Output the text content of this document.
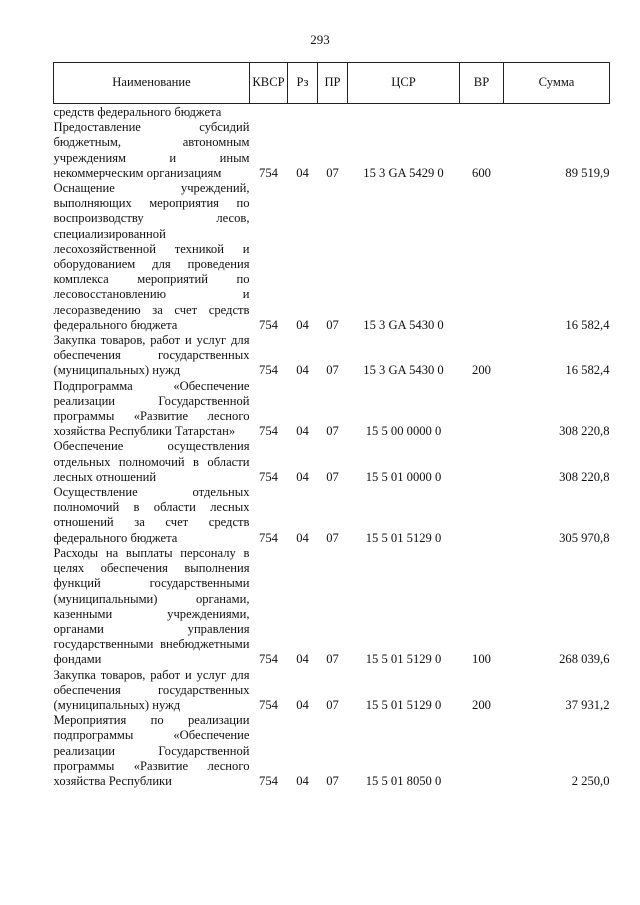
293
Наименование	КВСР	Рз	ПР	ЦСР	ВР	Сумма
средств федерального бюджета						
Предоставление субсидий бюджетным, автономным учреждениям и иным некоммерческим организациям	754	04	07	15 3 GA 5429 0	600	89 519,9
Оснащение учреждений, выполняющих мероприятия по воспроизводству лесов, специализированной лесохозяйственной техникой и оборудованием для проведения комплекса мероприятий по лесовосстановлению и лесоразведению за счет средств федерального бюджета	754	04	07	15 3 GA 5430 0		16 582,4
Закупка товаров, работ и услуг для обеспечения государственных (муниципальных) нужд	754	04	07	15 3 GA 5430 0	200	16 582,4
Подпрограмма «Обеспечение реализации Государственной программы «Развитие лесного хозяйства Республики Татарстан»	754	04	07	15 5 00 0000 0		308 220,8
Обеспечение осуществления отдельных полномочий в области лесных отношений	754	04	07	15 5 01 0000 0		308 220,8
Осуществление отдельных полномочий в области лесных отношений за счет средств федерального бюджета	754	04	07	15 5 01 5129 0		305 970,8
Расходы на выплаты персоналу в целях обеспечения выполнения функций государственными (муниципальными) органами, казенными учреждениями, органами управления государственными внебюджетными фондами	754	04	07	15 5 01 5129 0	100	268 039,6
Закупка товаров, работ и услуг для обеспечения государственных (муниципальных) нужд	754	04	07	15 5 01 5129 0	200	37 931,2
Мероприятия по реализации подпрограммы «Обеспечение реализации Государственной программы «Развитие лесного хозяйства Республики	754	04	07	15 5 01 8050 0		2 250,0
